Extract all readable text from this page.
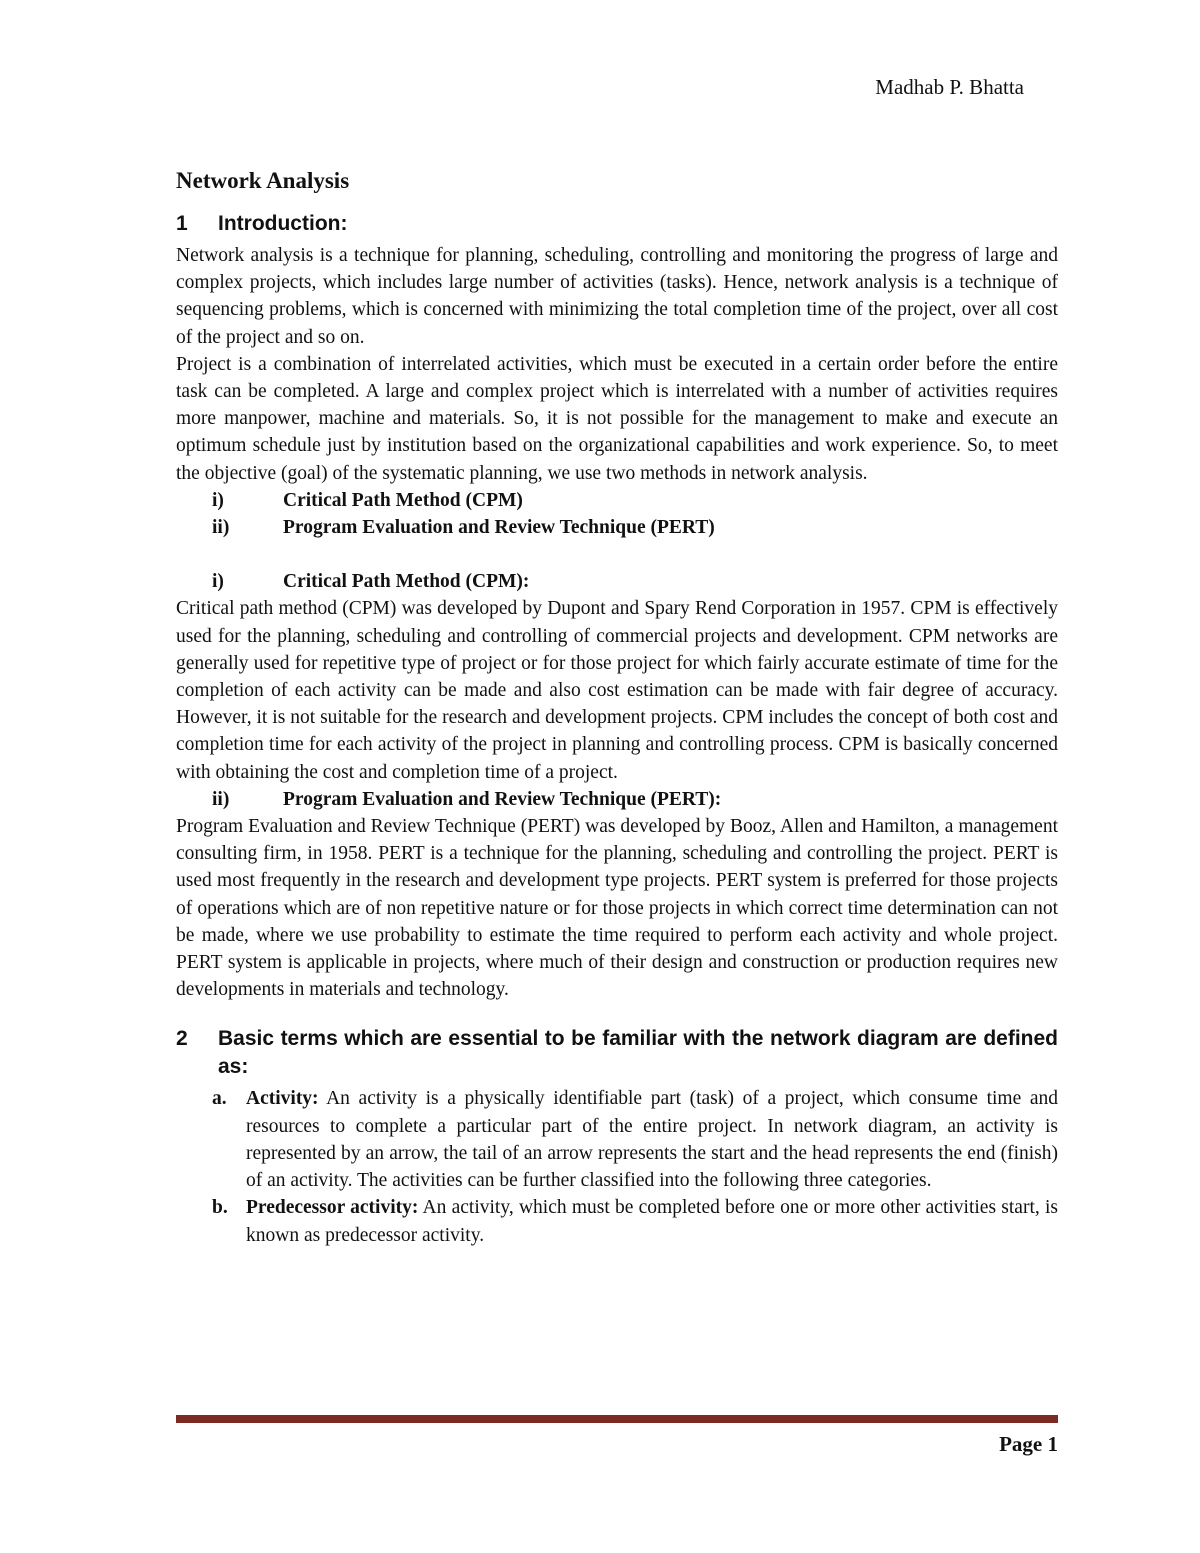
Madhab P. Bhatta
Network Analysis
1	Introduction:

Network analysis is a technique for planning, scheduling, controlling and monitoring the progress of large and complex projects, which includes large number of activities (tasks). Hence, network analysis is a technique of sequencing problems, which is concerned with minimizing the total completion time of the project, over all cost of the project and so on.

Project is a combination of interrelated activities, which must be executed in a certain order before the entire task can be completed. A large and complex project which is interrelated with a number of activities requires more manpower, machine and materials. So, it is not possible for the management to make and execute an optimum schedule just by institution based on the organizational capabilities and work experience. So, to meet the objective (goal) of the systematic planning, we use two methods in network analysis.

i)	Critical Path Method (CPM)
ii)	Program Evaluation and Review Technique (PERT)
i)	Critical Path Method (CPM):

Critical path method (CPM) was developed by Dupont and Spary Rend Corporation in 1957. CPM is effectively used for the planning, scheduling and controlling of commercial projects and development. CPM networks are generally used for repetitive type of project or for those project for which fairly accurate estimate of time for the completion of each activity can be made and also cost estimation can be made with fair degree of accuracy. However, it is not suitable for the research and development projects. CPM includes the concept of both cost and completion time for each activity of the project in planning and controlling process. CPM is basically concerned with obtaining the cost and completion time of a project.

ii)	Program Evaluation and Review Technique (PERT):

Program Evaluation and Review Technique (PERT) was developed by Booz, Allen and Hamilton, a management consulting firm, in 1958. PERT is a technique for the planning, scheduling and controlling the project. PERT is used most frequently in the research and development type projects. PERT system is preferred for those projects of operations which are of non repetitive nature or for those projects in which correct time determination can not be made, where we use probability to estimate the time required to perform each activity and whole project. PERT system is applicable in projects, where much of their design and construction or production requires new developments in materials and technology.

2	Basic terms which are essential to be familiar with the network diagram are defined as:
a. Activity: An activity is a physically identifiable part (task) of a project, which consume time and resources to complete a particular part of the entire project. In network diagram, an activity is represented by an arrow, the tail of an arrow represents the start and the head represents the end (finish) of an activity. The activities can be further classified into the following three categories.
b. Predecessor activity: An activity, which must be completed before one or more other activities start, is known as predecessor activity.
Page 1
